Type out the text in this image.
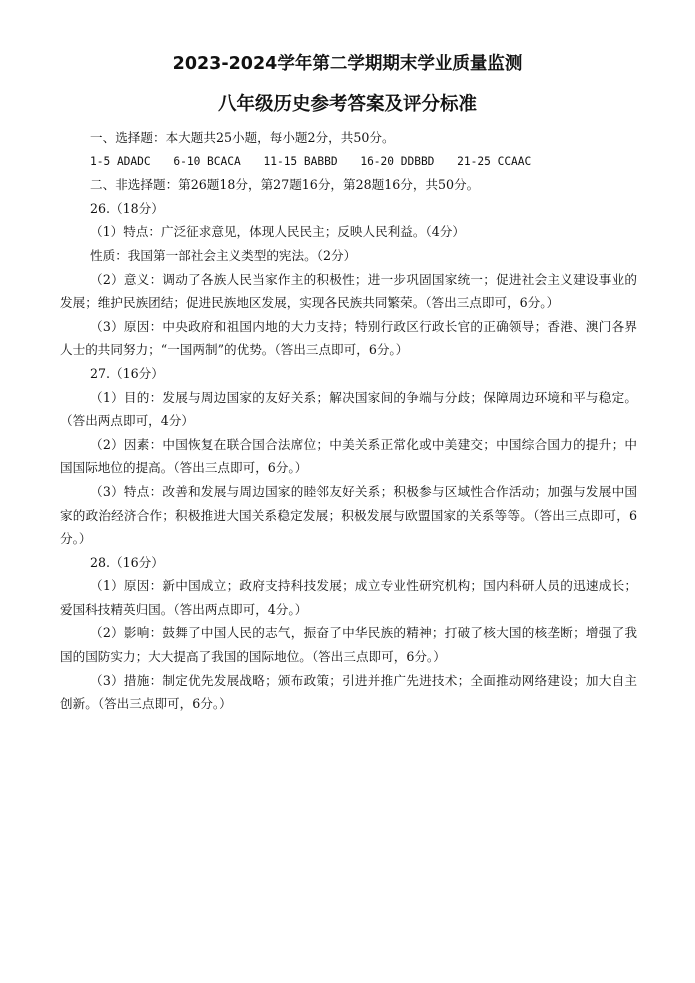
2023-2024学年第二学期期末学业质量监测
八年级历史参考答案及评分标准

一、选择题：本大题共25小题，每小题2分，共50分。

1-5 ADADC 6-10 BCACA 11-15 BABBD 16-20 DDBBD 21-25 CCAAC

二、非选择题：第26题18分，第27题16分，第28题16分，共50分。

26.（18分）

（1）特点：广泛征求意见，体现人民民主；反映人民利益。（4分）

性质：我国第一部社会主义类型的宪法。（2分）

（2）意义：调动了各族人民当家作主的积极性；进一步巩固国家统一；促进社会主义建设事业的发展；维护民族团结；促进民族地区发展，实现各民族共同繁荣。（答出三点即可，6分。）

（3）原因：中央政府和祖国内地的大力支持；特别行政区行政长官的正确领导；香港、澳门各界人士的共同努力；“一国两制”的优势。（答出三点即可，6分。）

27.（16分）

（1）目的：发展与周边国家的友好关系；解决国家间的争端与分歧；保障周边环境和平与稳定。（答出两点即可，4分）

（2）因素：中国恢复在联合国合法席位；中美关系正常化或中美建交；中国综合国力的提升；中国国际地位的提高。（答出三点即可，6分。）

（3）特点：改善和发展与周边国家的睦邻友好关系；积极参与区域性合作活动；加强与发展中国家的政治经济合作；积极推进大国关系稳定发展；积极发展与欧盟国家的关系等等。（答出三点即可，6分。）

28.（16分）

（1）原因：新中国成立；政府支持科技发展；成立专业性研究机构；国内科研人员的迅速成长；爱国科技精英归国。（答出两点即可，4分。）

（2）影响：鼓舞了中国人民的志气，振奋了中华民族的精神；打破了核大国的核垄断；增强了我国的国防实力；大大提高了我国的国际地位。（答出三点即可，6分。）

（3）措施：制定优先发展战略；颁布政策；引进并推广先进技术；全面推动网络建设；加大自主创新。（答出三点即可，6分。）
